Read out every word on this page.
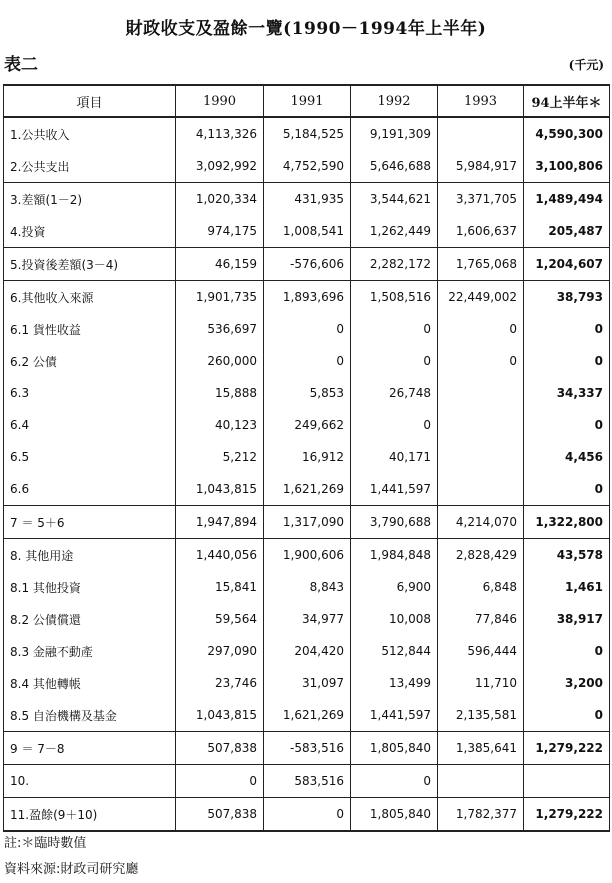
財政收支及盈餘一覽(1990－1994年上半年)
表二	(千元)
項目	1990	1991	1992	1993	94上半年＊
1.公共收入	4,113,326	5,184,525	9,191,309		4,590,300
2.公共支出	3,092,992	4,752,590	5,646,688	5,984,917	3,100,806
3.差額(1－2)	1,020,334	431,935	3,544,621	3,371,705	1,489,494
4.投資	974,175	1,008,541	1,262,449	1,606,637	205,487
5.投資後差額(3－4)	46,159	-576,606	2,282,172	1,765,068	1,204,607
6.其他收入來源	1,901,735	1,893,696	1,508,516	22,449,002	38,793
6.1 貨性收益	536,697	0	0	0	0
6.2 公債	260,000	0	0	0	0
6.3	15,888	5,853	26,748		34,337
6.4	40,123	249,662	0		0
6.5	5,212	16,912	40,171		4,456
6.6	1,043,815	1,621,269	1,441,597		0
7 ＝ 5＋6	1,947,894	1,317,090	3,790,688	4,214,070	1,322,800
8. 其他用途	1,440,056	1,900,606	1,984,848	2,828,429	43,578
8.1 其他投資	15,841	8,843	6,900	6,848	1,461
8.2 公債償還	59,564	34,977	10,008	77,846	38,917
8.3 金融不動產	297,090	204,420	512,844	596,444	0
8.4 其他轉帳	23,746	31,097	13,499	11,710	3,200
8.5 自治機構及基金	1,043,815	1,621,269	1,441,597	2,135,581	0
9 ＝ 7－8	507,838	-583,516	1,805,840	1,385,641	1,279,222
10.	0	583,516	0		
11.盈餘(9＋10)	507,838	0	1,805,840	1,782,377	1,279,222
註:＊臨時數值
資料來源:財政司研究廳
